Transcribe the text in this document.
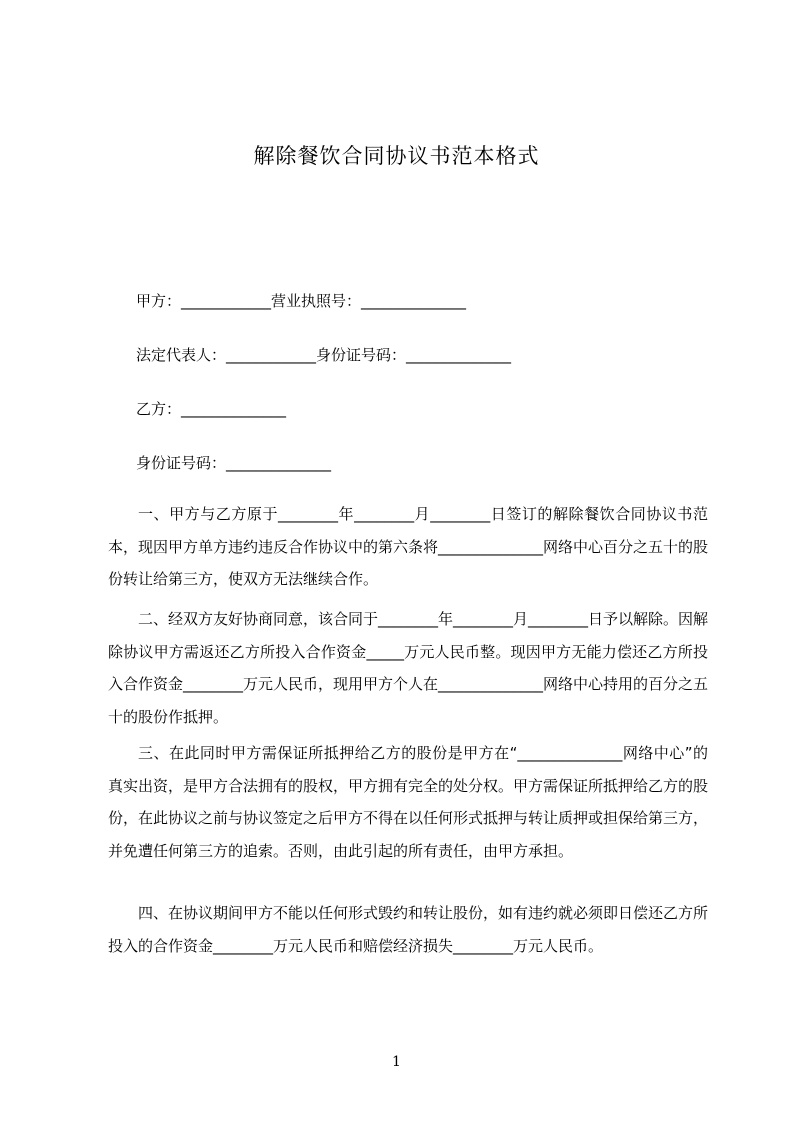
解除餐饮合同协议书范本格式
甲方：____________营业执照号：______________
法定代表人：____________身份证号码：______________
乙方：______________
身份证号码：______________

一、甲方与乙方原于________年________月________日签订的解除餐饮合同协议书范本，现因甲方单方违约违反合作协议中的第六条将______________网络中心百分之五十的股份转让给第三方，使双方无法继续合作。

二、经双方友好协商同意，该合同于________年________月________日予以解除。因解除协议甲方需返还乙方所投入合作资金_____万元人民币整。现因甲方无能力偿还乙方所投入合作资金________万元人民币，现用甲方个人在______________网络中心持用的百分之五十的股份作抵押。

三、在此同时甲方需保证所抵押给乙方的股份是甲方在“______________网络中心”的真实出资，是甲方合法拥有的股权，甲方拥有完全的处分权。甲方需保证所抵押给乙方的股份，在此协议之前与协议签定之后甲方不得在以任何形式抵押与转让质押或担保给第三方，并免遭任何第三方的追索。否则，由此引起的所有责任，由甲方承担。

四、在协议期间甲方不能以任何形式毁约和转让股份，如有违约就必须即日偿还乙方所投入的合作资金________万元人民币和赔偿经济损失________万元人民币。

1
